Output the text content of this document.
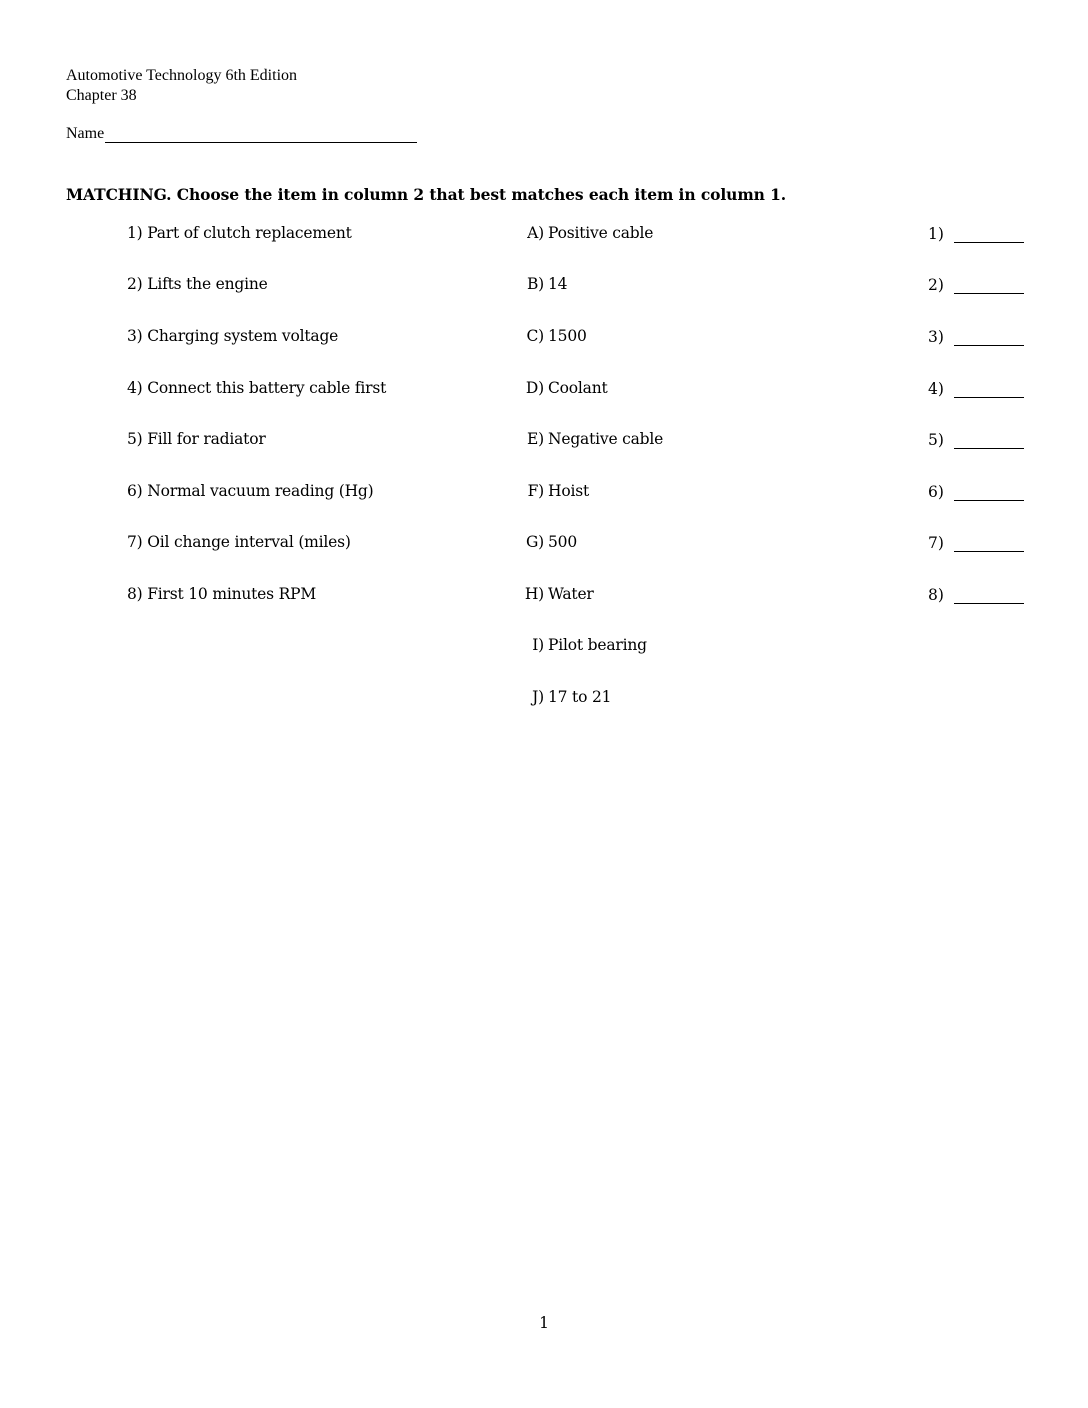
Automotive Technology 6th Edition
Chapter 38
Name
MATCHING. Choose the item in column 2 that best matches each item in column 1.
1) Part of clutch replacement
2) Lifts the engine
3) Charging system voltage
4) Connect this battery cable first
5) Fill for radiator
6) Normal vacuum reading (Hg)
7) Oil change interval (miles)
8) First 10 minutes RPM
A) Positive cable
B) 14
C) 1500
D) Coolant
E) Negative cable
F) Hoist
G) 500
H) Water
I) Pilot bearing
J) 17 to 21
1)
2)
3)
4)
5)
6)
7)
8)
1
